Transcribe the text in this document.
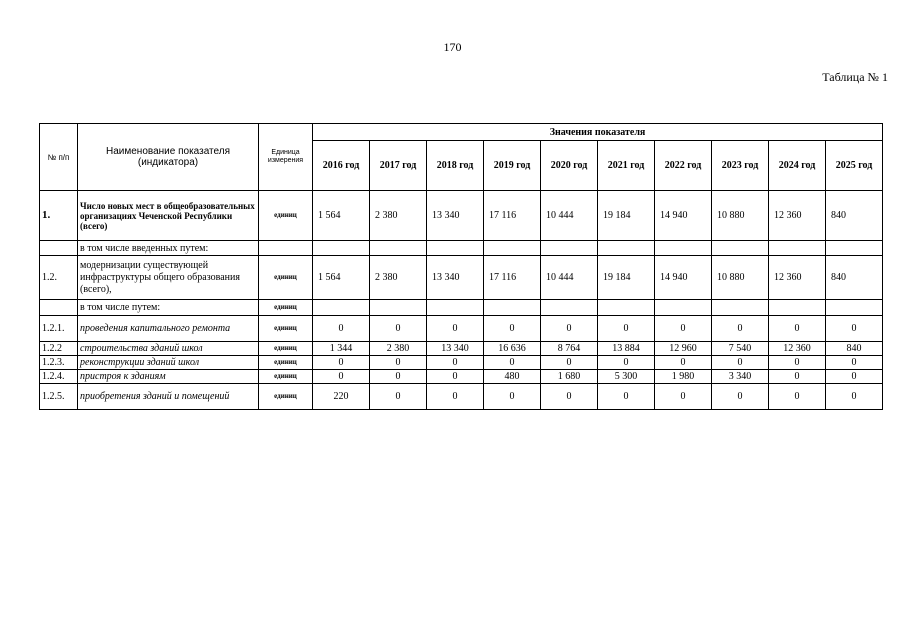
170
Таблица № 1
№ п/п	Наименование показателя (индикатора)	Единица измерения	Значения показателя									
			2016 год	2017 год	2018 год	2019 год	2020 год	2021 год	2022 год	2023 год	2024 год	2025 год
1.	Число новых мест в общеобразовательных организациях Чеченской Республики (всего)	единиц	1 564	2 380	13 340	17 116	10 444	19 184	14 940	10 880	12 360	840
	в том числе введенных путем:											
1.2.	модернизации существующей инфраструктуры общего образования (всего),	единиц	1 564	2 380	13 340	17 116	10 444	19 184	14 940	10 880	12 360	840
	в том числе путем:	единиц										
1.2.1.	проведения капитального ремонта	единиц	0	0	0	0	0	0	0	0	0	0
1.2.2	строительства зданий школ	единиц	1 344	2 380	13 340	16 636	8 764	13 884	12 960	7 540	12 360	840
1.2.3.	реконструкции зданий школ	единиц	0	0	0	0	0	0	0	0	0	0
1.2.4.	пристроя к зданиям	единиц	0	0	0	480	1 680	5 300	1 980	3 340	0	0
1.2.5.	приобретения зданий и помещений	единиц	220	0	0	0	0	0	0	0	0	0
